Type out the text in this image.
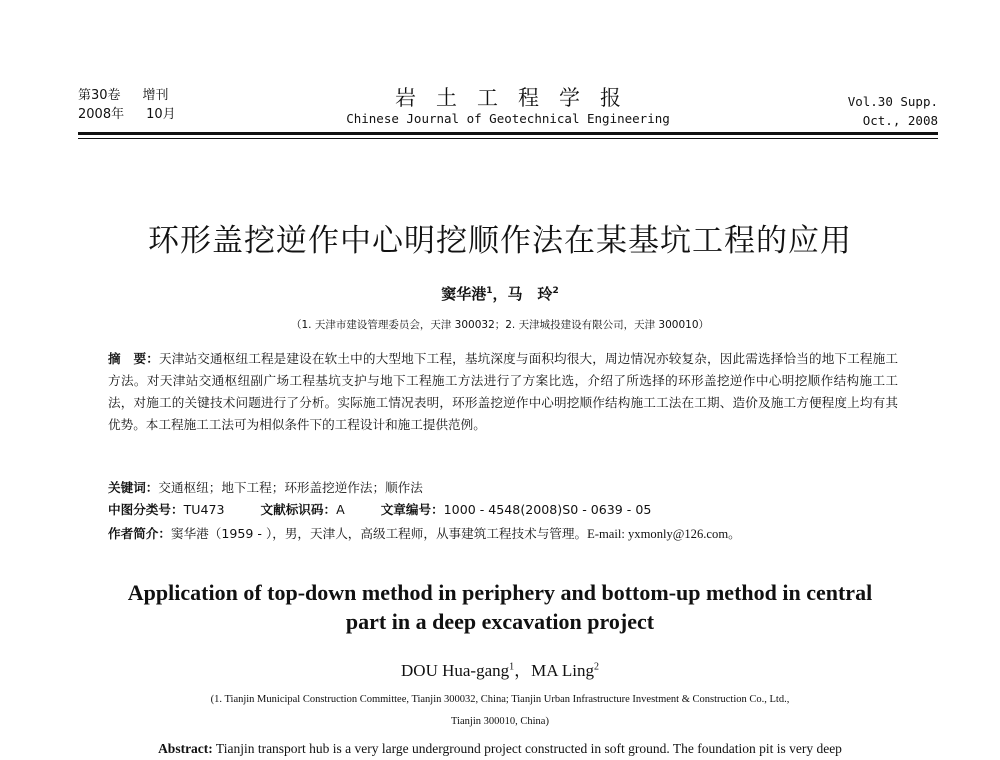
第30卷 增刊
2008年 10月
岩土工程学报
Chinese Journal of Geotechnical Engineering
Vol.30 Supp.
Oct., 2008
环形盖挖逆作中心明挖顺作法在某基坑工程的应用
窦华港$^1$，马　玲$^2$
（1. 天津市建设管理委员会，天津 300032；2. 天津城投建设有限公司，天津 300010）
摘　要：天津站交通枢纽工程是建设在软土中的大型地下工程，基坑深度与面积均很大，周边情况亦较复杂，因此需选择恰当的地下工程施工方法。对天津站交通枢纽副广场工程基坑支护与地下工程施工方法进行了方案比选，介绍了所选择的环形盖挖逆作中心明挖顺作结构施工工法，对施工的关键技术问题进行了分析。实际施工情况表明，环形盖挖逆作中心明挖顺作结构施工工法在工期、造价及施工方便程度上均有其优势。本工程施工工法可为相似条件下的工程设计和施工提供范例。
关键词：交通枢纽；地下工程；环形盖挖逆作法；顺作法
中图分类号：TU473	文献标识码：A	文章编号：1000 - 4548(2008)S0 - 0639 - 05
作者简介：窦华港（1959 - ），男，天津人，高级工程师，从事建筑工程技术与管理。E-mail: yxmonly@126.com。
Application of top-down method in periphery and bottom-up method in central
part in a deep excavation project
DOU Hua-gang$^1$，MA Ling$^2$
(1. Tianjin Municipal Construction Committee, Tianjin 300032, China; Tianjin Urban Infrastructure Investment & Construction Co., Ltd.,
Tianjin 300010, China)
Abstract: Tianjin transport hub is a very large underground project constructed in soft ground. The foundation pit is very deep
